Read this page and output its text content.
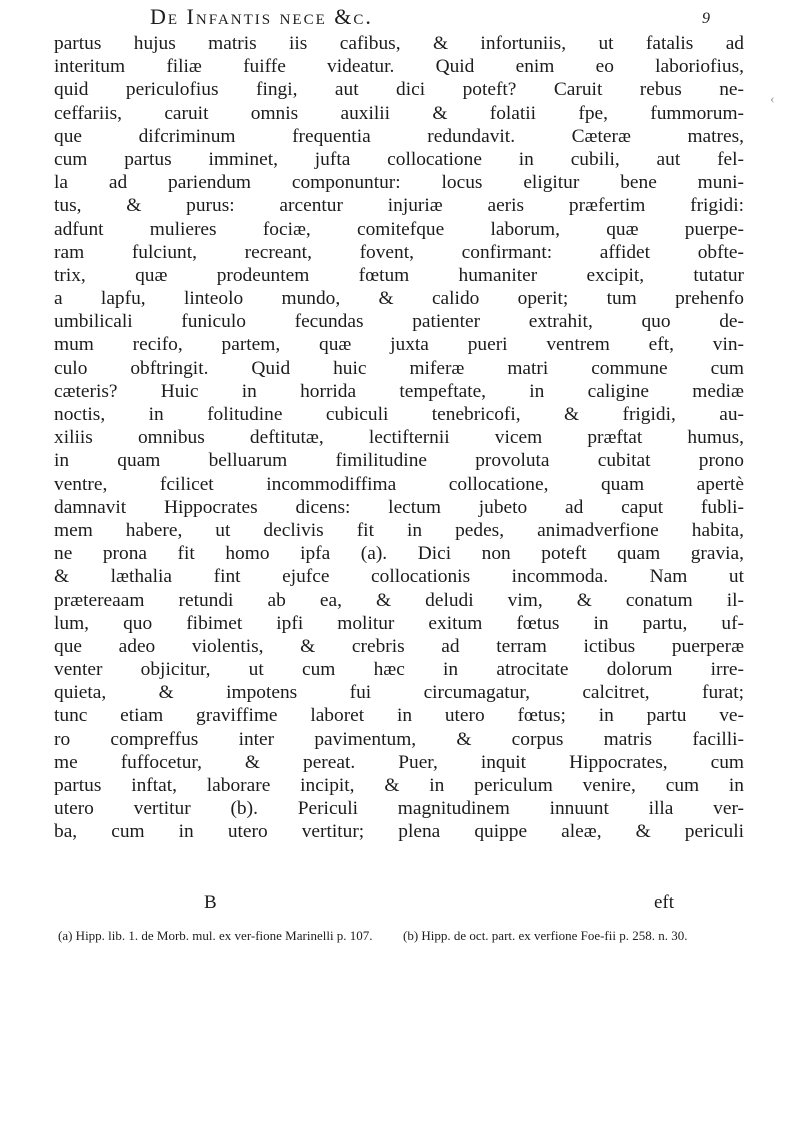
De Infantis nece &c.	9
‹
partus hujus matris iis cafibus, & infortuniis, ut fatalis ad
interitum filiæ fuiffe videatur. Quid enim eo laboriofius,
quid periculofius fingi, aut dici poteft? Caruit rebus ne-
ceffariis, caruit omnis auxilii & folatii fpe, fummorum-
que difcriminum frequentia redundavit. Cæteræ matres,
cum partus imminet, jufta collocatione in cubili, aut fel-
la ad pariendum componuntur: locus eligitur bene muni-
tus, & purus: arcentur injuriæ aeris præfertim frigidi:
adfunt mulieres fociæ, comitefque laborum, quæ puerpe-
ram fulciunt, recreant, fovent, confirmant: affidet obfte-
trix, quæ prodeuntem fœtum humaniter excipit, tutatur
a lapfu, linteolo mundo, & calido operit; tum prehenfo
umbilicali funiculo fecundas patienter extrahit, quo de-
mum recifo, partem, quæ juxta pueri ventrem eft, vin-
culo obftringit. Quid huic miferæ matri commune cum
cæteris? Huic in horrida tempeftate, in caligine mediæ
noctis, in folitudine cubiculi tenebricofi, & frigidi, au-
xiliis omnibus deftitutæ, lectifternii vicem præftat humus,
in quam belluarum fimilitudine provoluta cubitat prono
ventre, fcilicet incommodiffima collocatione, quam apertè
damnavit Hippocrates dicens: lectum jubeto ad caput fubli-
mem habere, ut declivis fit in pedes, animadverfione habita,
ne prona fit homo ipfa (a). Dici non poteft quam gravia,
& læthalia fint ejufce collocationis incommoda. Nam ut
prætereaam retundi ab ea, & deludi vim, & conatum il-
lum, quo fibimet ipfi molitur exitum fœtus in partu, uf-
que adeo violentis, & crebris ad terram ictibus puerperæ
venter objicitur, ut cum hæc in atrocitate dolorum irre-
quieta, & impotens fui circumagatur, calcitret, furat;
tunc etiam graviffime laboret in utero fœtus; in partu ve-
ro compreffus inter pavimentum, & corpus matris facilli-
me fuffocetur, & pereat. Puer, inquit Hippocrates, cum
partus inftat, laborare incipit, & in periculum venire, cum in
utero vertitur (b). Periculi magnitudinem innuunt illa ver-
ba, cum in utero vertitur; plena quippe aleæ, & periculi
B	eft
(a) Hipp. lib. 1. de Morb. mul. ex ver-fione Marinelli p. 107.	(b) Hipp. de oct. part. ex verfione Foe-fii p. 258. n. 30.
